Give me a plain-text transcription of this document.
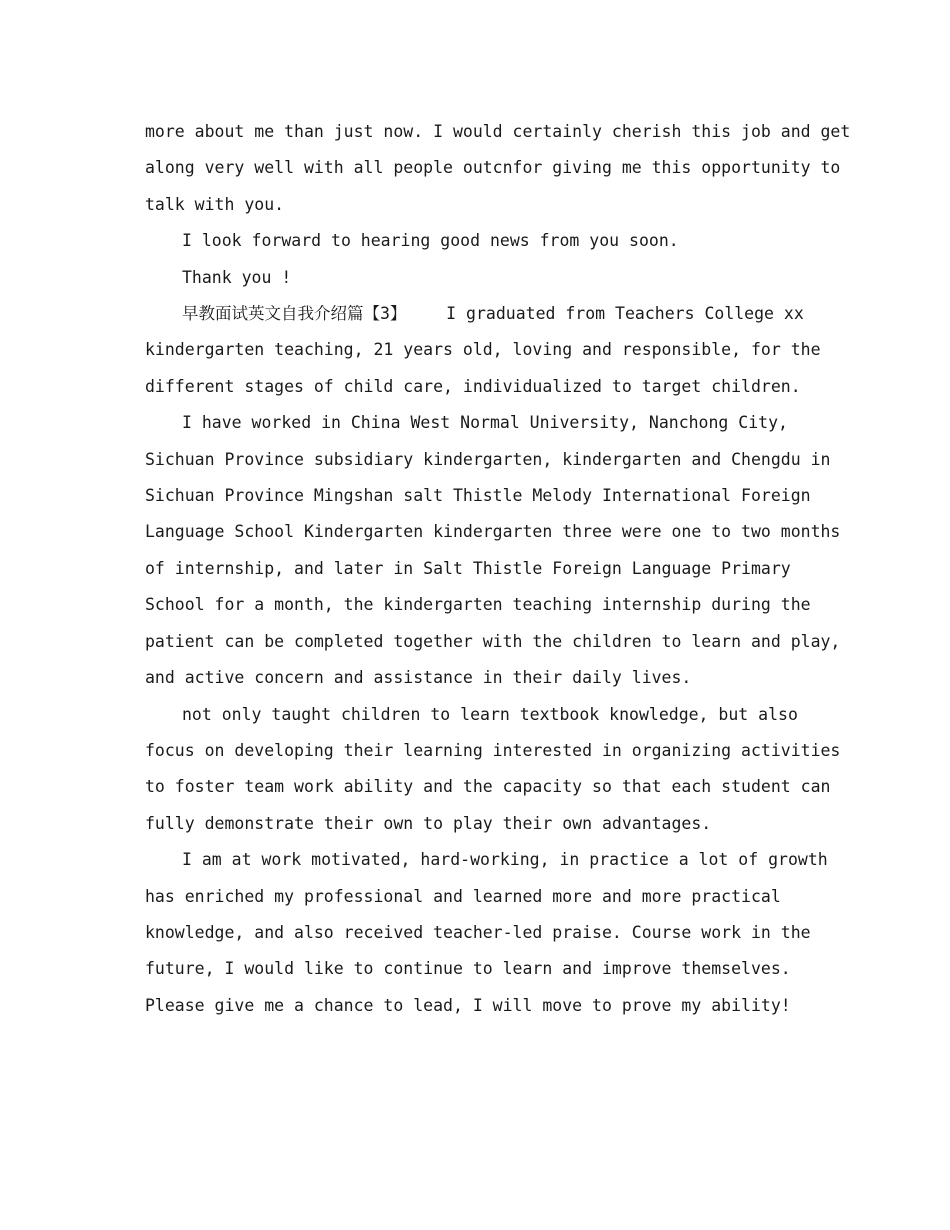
more about me than just now. I would certainly cherish this job and get
along very well with all people outcnfor giving me this opportunity to
talk with you.
I look forward to hearing good news from you soon.
Thank you !
早教面试英文自我介绍篇【3】    I graduated from Teachers College xx
kindergarten teaching, 21 years old, loving and responsible, for the
different stages of child care, individualized to target children.
I have worked in China West Normal University, Nanchong City,
Sichuan Province subsidiary kindergarten, kindergarten and Chengdu in
Sichuan Province Mingshan salt Thistle Melody International Foreign
Language School Kindergarten kindergarten three were one to two months
of internship, and later in Salt Thistle Foreign Language Primary
School for a month, the kindergarten teaching internship during the
patient can be completed together with the children to learn and play,
and active concern and assistance in their daily lives.
not only taught children to learn textbook knowledge, but also
focus on developing their learning interested in organizing activities
to foster team work ability and the capacity so that each student can
fully demonstrate their own to play their own advantages.
I am at work motivated, hard-working, in practice a lot of growth
has enriched my professional and learned more and more practical
knowledge, and also received teacher-led praise. Course work in the
future, I would like to continue to learn and improve themselves.
Please give me a chance to lead, I will move to prove my ability!
